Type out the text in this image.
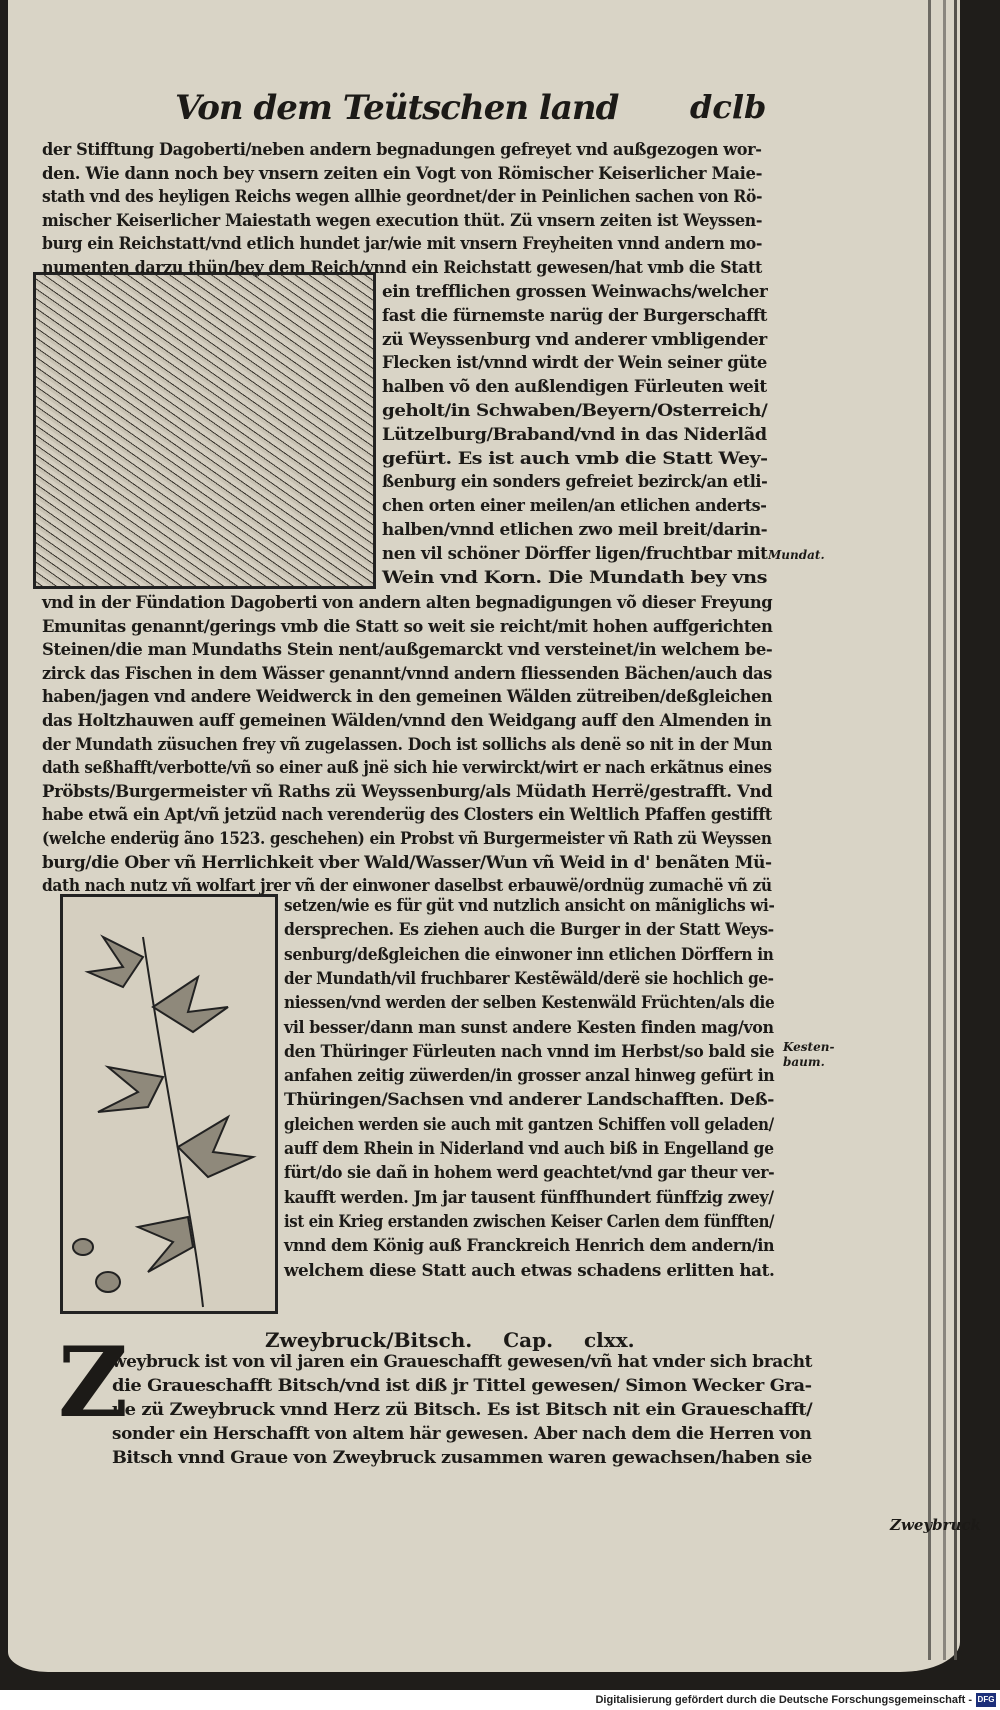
Von dem Teütschen land dclb
der Stifftung Dagoberti/neben andern begnadungen gefreyet vnd außgezogen wor-
den. Wie dann noch bey vnsern zeiten ein Vogt von Römischer Keiserlicher Maie-
stath vnd des heyligen Reichs wegen allhie geordnet/der in Peinlichen sachen von Rö-
mischer Keiserlicher Maiestath wegen execution thüt. Zü vnsern zeiten ist Weyssen-
burg ein Reichstatt/vnd etlich hundet jar/wie mit vnsern Freyheiten vnnd andern mo-
numenten darzu thün/bey dem Reich/vnnd ein Reichstatt gewesen/hat vmb die Statt
ein trefflichen grossen Weinwachs/welcher
fast die fürnemste narüg der Burgerschafft
zü Weyssenburg vnd anderer vmbligender
Flecken ist/vnnd wirdt der Wein seiner güte
halben võ den außlendigen Fürleuten weit
geholt/in Schwaben/Beyern/Osterreich/
Lützelburg/Braband/vnd in das Niderlãd
gefürt. Es ist auch vmb die Statt Wey-
ßenburg ein sonders gefreiet bezirck/an etli-
chen orten einer meilen/an etlichen anderts-
halben/vnnd etlichen zwo meil breit/darin-
nen vil schöner Dörffer ligen/fruchtbar mit
Wein vnd Korn. Die Mundath bey vns
vnd in der Fündation Dagoberti von andern alten begnadigungen võ dieser Freyung
Emunitas genannt/gerings vmb die Statt so weit sie reicht/mit hohen auffgerichten
Steinen/die man Mundaths Stein nent/außgemarckt vnd versteinet/in welchem be-
zirck das Fischen in dem Wässer genannt/vnnd andern fliessenden Bächen/auch das
haben/jagen vnd andere Weidwerck in den gemeinen Wälden zütreiben/deßgleichen
das Holtzhauwen auff gemeinen Wälden/vnnd den Weidgang auff den Almenden in
der Mundath züsuchen frey vñ zugelassen. Doch ist sollichs als denë so nit in der Mun
dath seßhafft/verbotte/vñ so einer auß jnë sich hie verwirckt/wirt er nach erkãtnus eines
Pröbsts/Burgermeister vñ Raths zü Weyssenburg/als Müdath Herrë/gestrafft. Vnd
habe etwã ein Apt/vñ jetzüd nach verenderüg des Closters ein Weltlich Pfaffen gestifft
(welche enderüg ãno 1523. geschehen) ein Probst vñ Burgermeister vñ Rath zü Weyssen
burg/die Ober vñ Herrlichkeit vber Wald/Wasser/Wun vñ Weid in d' benãten Mü-
dath nach nutz vñ wolfart jrer vñ der einwoner daselbst erbauwë/ordnüg zumachë vñ zü
setzen/wie es für güt vnd nutzlich ansicht on mãniglichs wi-
dersprechen. Es ziehen auch die Burger in der Statt Weys-
senburg/deßgleichen die einwoner inn etlichen Dörffern in
der Mundath/vil fruchbarer Kestẽwäld/derë sie hochlich ge-
niessen/vnd werden der selben Kestenwäld Früchten/als die
vil besser/dann man sunst andere Kesten finden mag/von
den Thüringer Fürleuten nach vnnd im Herbst/so bald sie
anfahen zeitig züwerden/in grosser anzal hinweg gefürt in
Thüringen/Sachsen vnd anderer Landschafften. Deß-
gleichen werden sie auch mit gantzen Schiffen voll geladen/
auff dem Rhein in Niderland vnd auch biß in Engelland ge
fürt/do sie dañ in hohem werd geachtet/vnd gar theur ver-
kaufft werden. Jm jar tausent fünffhundert fünffzig zwey/
ist ein Krieg erstanden zwischen Keiser Carlen dem fünfften/
vnnd dem König auß Franckreich Henrich dem andern/in
welchem diese Statt auch etwas schadens erlitten hat.
weybruck ist von vil jaren ein Graueschafft gewesen/vñ hat vnder sich bracht
die Graueschafft Bitsch/vnd ist diß jr Tittel gewesen/ Simon Wecker Gra-
ue zü Zweybruck vnnd Herz zü Bitsch. Es ist Bitsch nit ein Graueschafft/
sonder ein Herschafft von altem här gewesen. Aber nach dem die Herren von
Bitsch vnnd Graue von Zweybruck zusammen waren gewachsen/haben sie
Mundat.
Kesten-
baum.
Z	Zweybruck/Bitsch. Cap. clxx.
Zweybruck
Digitalisierung gefördert durch die Deutsche Forschungsgemeinschaft - DFG
